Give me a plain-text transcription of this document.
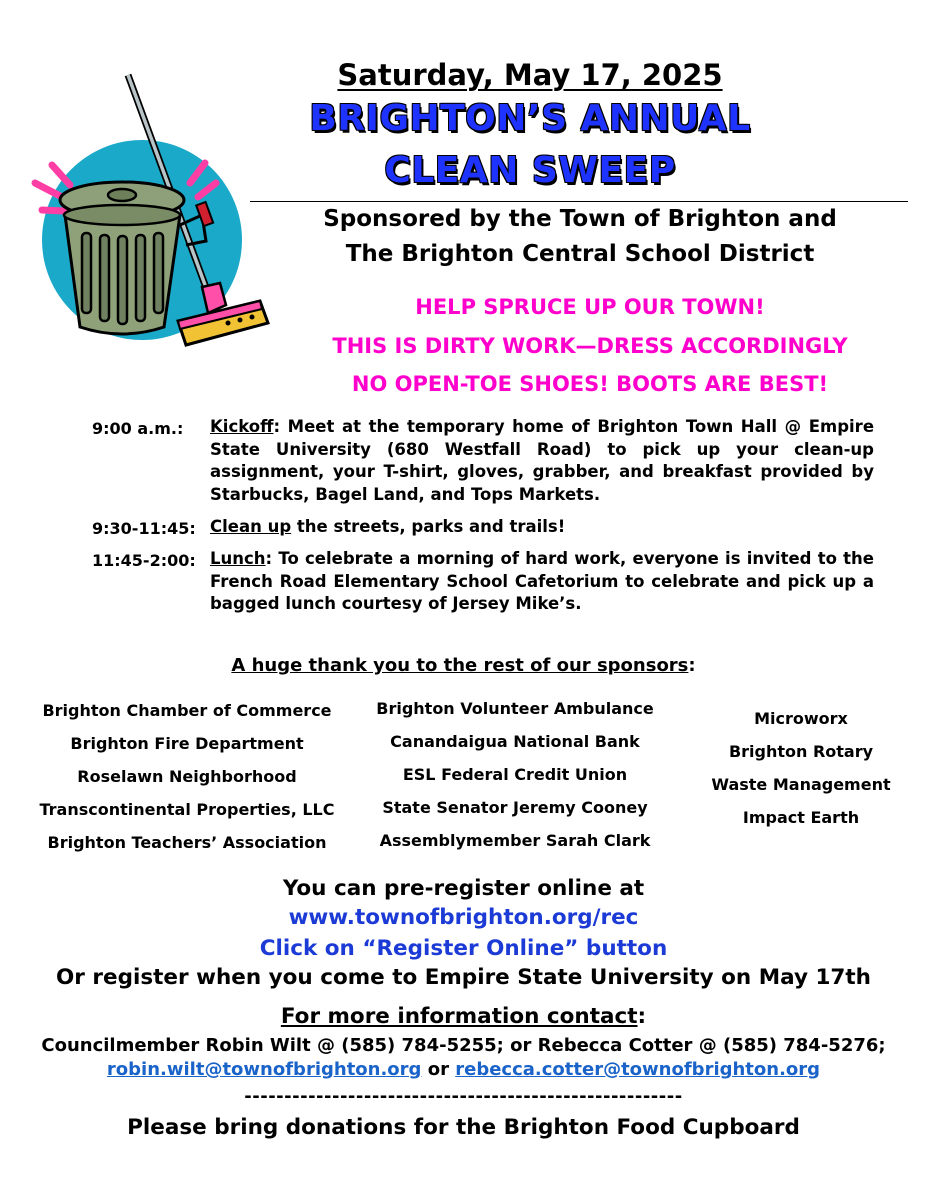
Saturday, May 17, 2025
BRIGHTON’S ANNUAL
CLEAN SWEEP
Sponsored by the Town of Brighton and
The Brighton Central School District
HELP SPRUCE UP OUR TOWN!
THIS IS DIRTY WORK—DRESS ACCORDINGLY
NO OPEN-TOE SHOES! BOOTS ARE BEST!
9:00 a.m.: Kickoff: Meet at the temporary home of Brighton Town Hall @ Empire State University (680 Westfall Road) to pick up your clean-up assignment, your T-shirt, gloves, grabber, and breakfast provided by Starbucks, Bagel Land, and Tops Markets.
9:30-11:45: Clean up the streets, parks and trails!
11:45-2:00: Lunch: To celebrate a morning of hard work, everyone is invited to the French Road Elementary School Cafetorium to celebrate and pick up a bagged lunch courtesy of Jersey Mike’s.
A huge thank you to the rest of our sponsors:
Brighton Chamber of Commerce
Brighton Fire Department
Roselawn Neighborhood
Transcontinental Properties, LLC
Brighton Teachers’ Association
Brighton Volunteer Ambulance
Canandaigua National Bank
ESL Federal Credit Union
State Senator Jeremy Cooney
Assemblymember Sarah Clark
Microworx
Brighton Rotary
Waste Management
Impact Earth
You can pre-register online at
www.townofbrighton.org/rec
Click on “Register Online” button
Or register when you come to Empire State University on May 17th
For more information contact:
Councilmember Robin Wilt @ (585) 784-5255; or Rebecca Cotter @ (585) 784-5276;
robin.wilt@townofbrighton.org or rebecca.cotter@townofbrighton.org
-------------------------------------------------------
Please bring donations for the Brighton Food Cupboard
